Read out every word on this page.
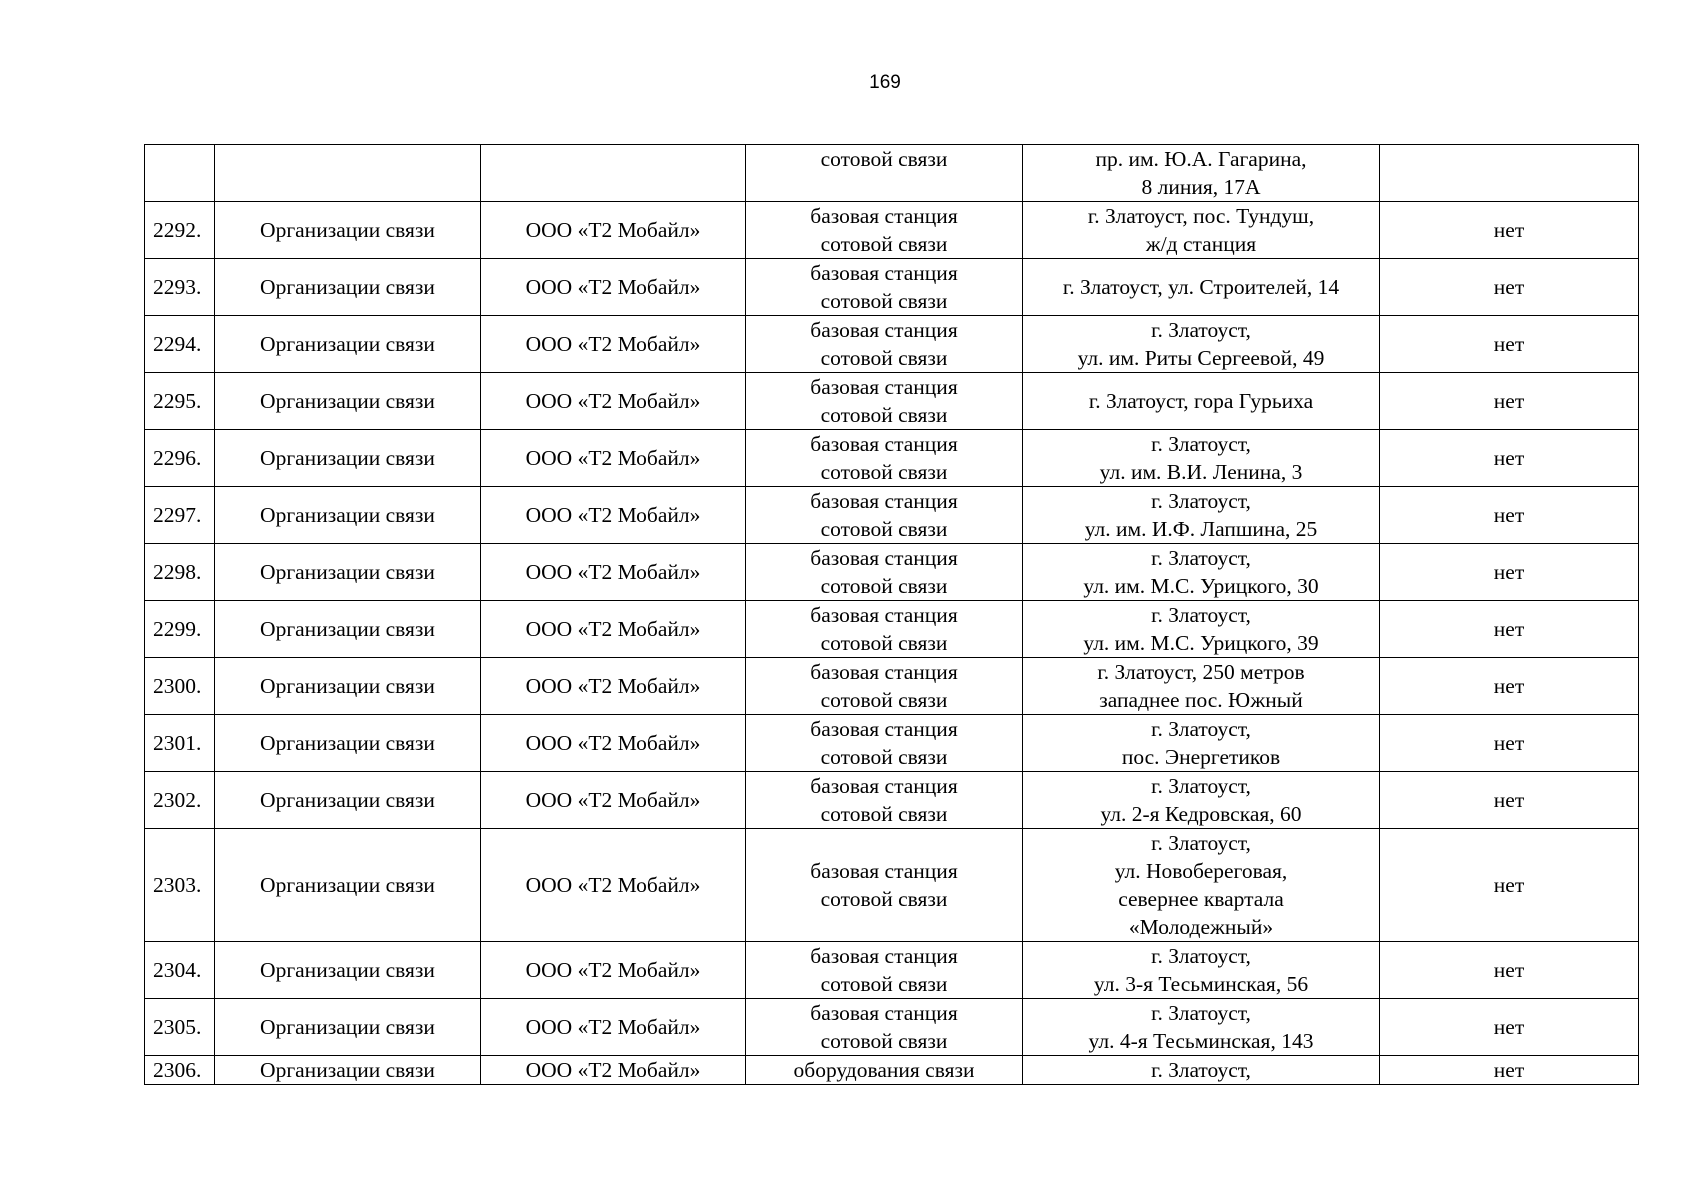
169
			сотовой связи	пр. им. Ю.А. Гагарина,
8 линия, 17А	
2292.	Организации связи	ООО «Т2 Мобайл»	базовая станция
сотовой связи	г. Златоуст, пос. Тундуш,
ж/д станция	нет
2293.	Организации связи	ООО «Т2 Мобайл»	базовая станция
сотовой связи	г. Златоуст, ул. Строителей, 14	нет
2294.	Организации связи	ООО «Т2 Мобайл»	базовая станция
сотовой связи	г. Златоуст,
ул. им. Риты Сергеевой, 49	нет
2295.	Организации связи	ООО «Т2 Мобайл»	базовая станция
сотовой связи	г. Златоуст, гора Гурьиха	нет
2296.	Организации связи	ООО «Т2 Мобайл»	базовая станция
сотовой связи	г. Златоуст,
ул. им. В.И. Ленина, 3	нет
2297.	Организации связи	ООО «Т2 Мобайл»	базовая станция
сотовой связи	г. Златоуст,
ул. им. И.Ф. Лапшина, 25	нет
2298.	Организации связи	ООО «Т2 Мобайл»	базовая станция
сотовой связи	г. Златоуст,
ул. им. М.С. Урицкого, 30	нет
2299.	Организации связи	ООО «Т2 Мобайл»	базовая станция
сотовой связи	г. Златоуст,
ул. им. М.С. Урицкого, 39	нет
2300.	Организации связи	ООО «Т2 Мобайл»	базовая станция
сотовой связи	г. Златоуст, 250 метров
западнее пос. Южный	нет
2301.	Организации связи	ООО «Т2 Мобайл»	базовая станция
сотовой связи	г. Златоуст,
пос. Энергетиков	нет
2302.	Организации связи	ООО «Т2 Мобайл»	базовая станция
сотовой связи	г. Златоуст,
ул. 2-я Кедровская, 60	нет
2303.	Организации связи	ООО «Т2 Мобайл»	базовая станция
сотовой связи	г. Златоуст,
ул. Новобереговая,
севернее квартала
«Молодежный»	нет
2304.	Организации связи	ООО «Т2 Мобайл»	базовая станция
сотовой связи	г. Златоуст,
ул. 3-я Тесьминская, 56	нет
2305.	Организации связи	ООО «Т2 Мобайл»	базовая станция
сотовой связи	г. Златоуст,
ул. 4-я Тесьминская, 143	нет
2306.	Организации связи	ООО «Т2 Мобайл»	оборудования связи	г. Златоуст,	нет
